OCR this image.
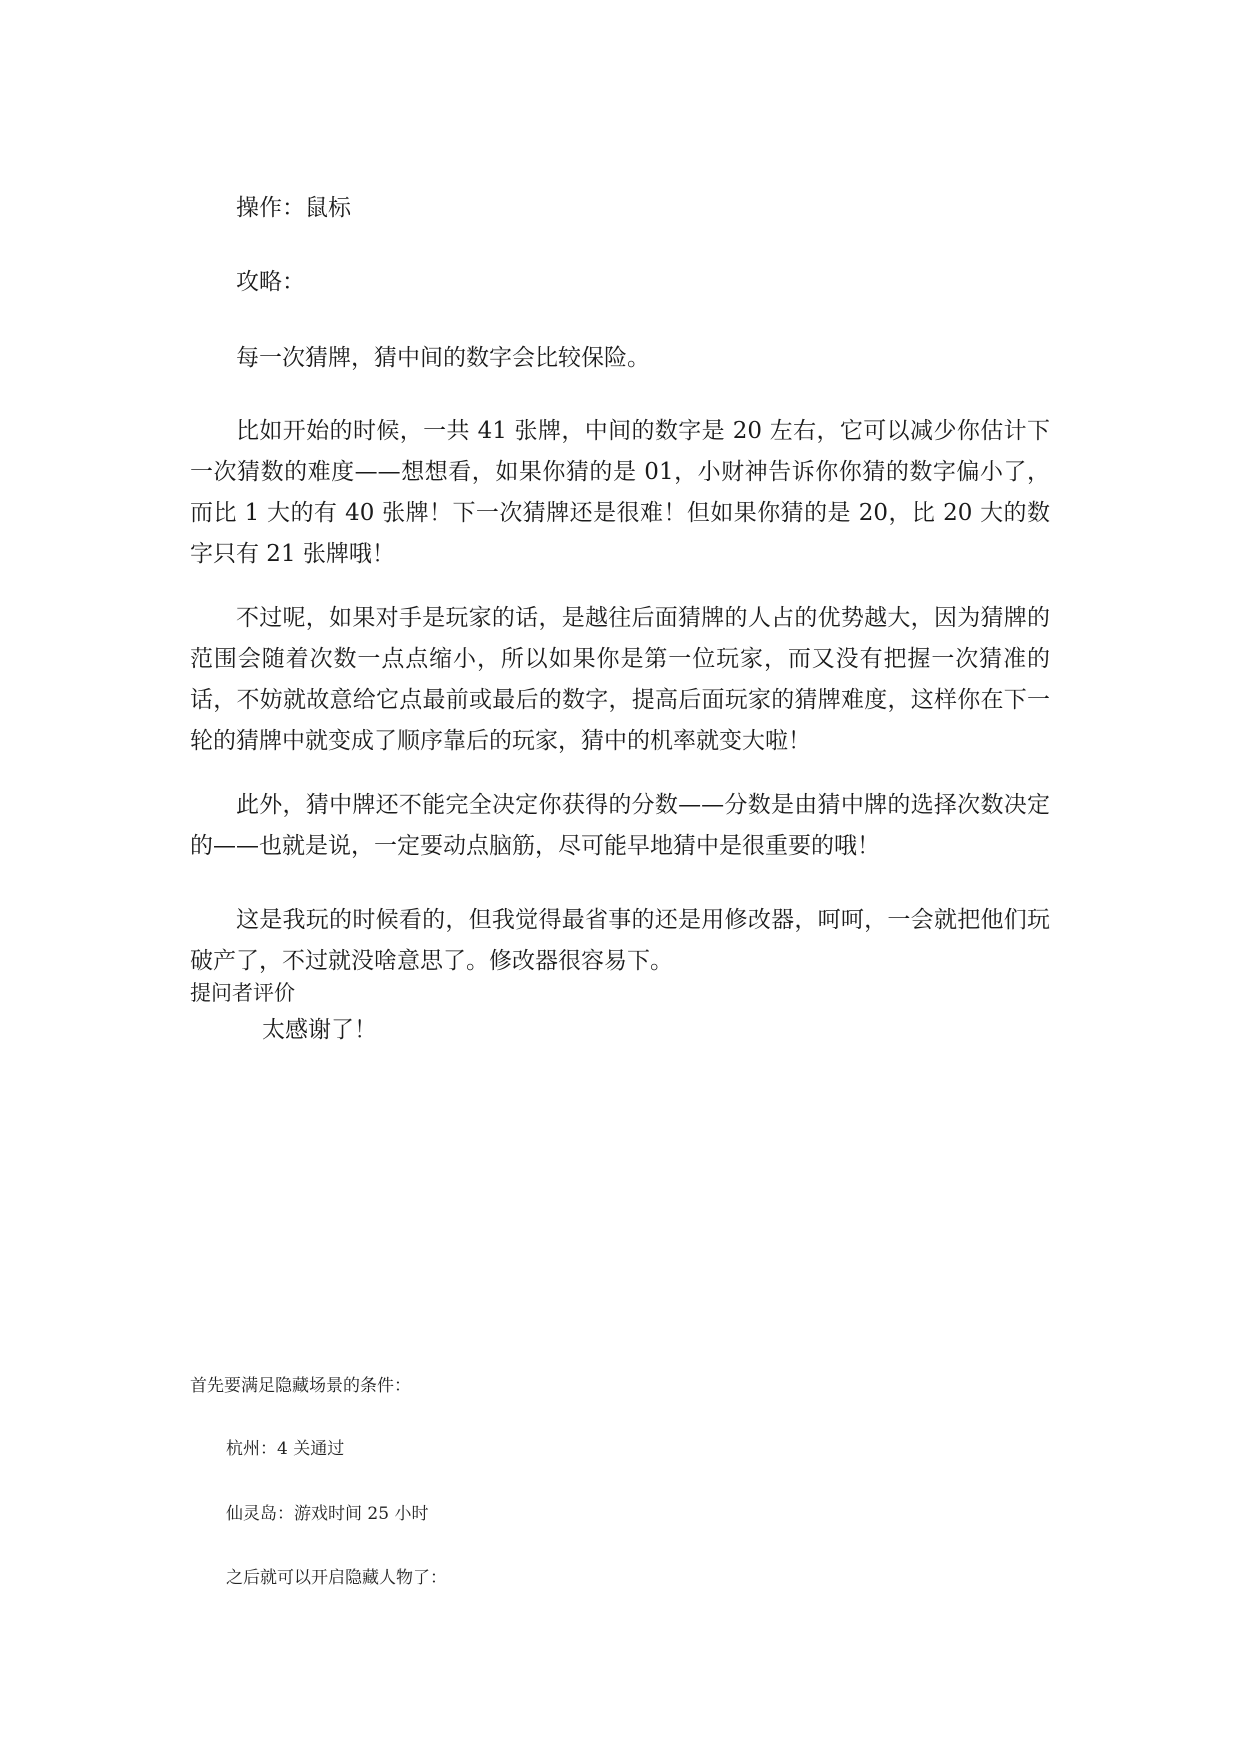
操作：鼠标

攻略：

每一次猜牌，猜中间的数字会比较保险。

比如开始的时候，一共 41 张牌，中间的数字是 20 左右，它可以减少你估计下一次猜数的难度——想想看，如果你猜的是 01，小财神告诉你你猜的数字偏小了，而比 1 大的有 40 张牌！下一次猜牌还是很难！但如果你猜的是 20，比 20 大的数字只有 21 张牌哦！

不过呢，如果对手是玩家的话，是越往后面猜牌的人占的优势越大，因为猜牌的范围会随着次数一点点缩小，所以如果你是第一位玩家，而又没有把握一次猜准的话，不妨就故意给它点最前或最后的数字，提高后面玩家的猜牌难度，这样你在下一轮的猜牌中就变成了顺序靠后的玩家，猜中的机率就变大啦！

此外，猜中牌还不能完全决定你获得的分数——分数是由猜中牌的选择次数决定的——也就是说，一定要动点脑筋，尽可能早地猜中是很重要的哦！

这是我玩的时候看的，但我觉得最省事的还是用修改器，呵呵，一会就把他们玩破产了，不过就没啥意思了。修改器很容易下。

提问者评价

太感谢了！

首先要满足隐藏场景的条件：

杭州：4 关通过

仙灵岛：游戏时间 25 小时

之后就可以开启隐藏人物了：
